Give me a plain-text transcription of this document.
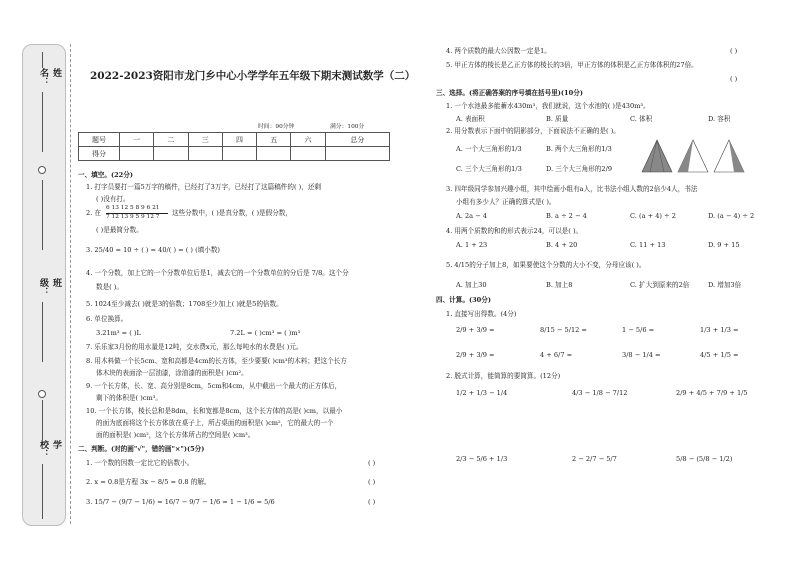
姓名：
班级：
学校：
2022-2023资阳市龙门乡中心小学学年五年级下期末测试数学（二）
时间：90分钟	满分：100分
题号	一	二	三	四	五	六	总分
得分							
一、填空。(22分)
1. 打字员要打一篇5万字的稿件，已经打了3万字，已经打了这篇稿件的( )，还剩
( )没有打。
2. 在
6 13 12 5 8 9 6 21
7 12 13 9 5 9 12 7 这些分数中，( )是真分数，( )是假分数，
( )是最简分数。
3. 25/40 = 10 ÷ ( ) = 40/( ) = ( ) (填小数)
4. 一个分数，加上它的一个分数单位后是1，减去它的一个分数单位的分后是 7/8。这个分
数是( )。
5. 1024至少减去( )就是3的倍数；1708至少加上( )就是5的倍数。
6. 单位换算。
3.21m³ = ( )L	7.2L = ( )cm³ = ( )m³
7. 乐乐家3月份的用水量是12吨，交水费x元，那么每吨水的水费是( )元。
8. 用木料做一个长5cm、宽和高都是4cm的长方体，至少要要( )cm³的木料；把这个长方
体木块的表面涂一层油漆，涂油漆的面积是( )cm²。
9. 一个长方体，长、宽、高分别是8cm，5cm和4cm，从中截出一个最大的正方体后，
剩下的体积是( )cm³。
10. 一个长方体，棱长总和是8dm，长和宽都是8cm，这个长方体的高是( )cm，以最小
的面为底面将这个长方体放在桌子上，所占桌面的面积是( )cm²，它的最大的一个
面的面积是( )cm²，这个长方体所占的空间是( )cm³。
二、判断。(对的画"√"，错的画"×")(5分)
1. 一个数的因数一定比它的倍数小。	( )
2. x = 0.8是方程 3x − 8/5 = 0.8 的解。	( )
3. 15/7 − (9/7 − 1/6) = 16/7 − 9/7 − 1/6 = 1 − 1/6 = 5/6	( )
4. 两个质数的最大公因数一定是1。	( )
5. 甲正方体的棱长是乙正方体的棱长的3倍，甲正方体的体积是乙正方体体积的27倍。
( )
三、选择。(将正确答案的序号填在括号里)(10分)
1. 一个水池最多能蓄水430m³，我们就说，这个水池的( )是430m³。
A. 表面积	B. 质量	C. 体积	D. 容积
2. 用分数表示下面中的阴影部分，下面说法不正确的是( )。
A. 一个大三角形的1/3	B. 两个大三角形的1/3
C. 三个大三角形的1/3	D. 三个大三角形的2/9
3. 四年级同学参加兴趣小组，其中绘画小组有a人，比书法小组人数的2倍少4人，书法
小组有多少人？正确的算式是( )。
A. 2a − 4	B. a ÷ 2 − 4	C. (a + 4) ÷ 2	D. (a − 4) ÷ 2
4. 用两个质数的和的形式表示24，可以是( )。
A. 1 + 23	B. 4 + 20	C. 11 + 13	D. 9 + 15
5. 4/15的分子加上8，如果要使这个分数的大小不变，分母应该( )。
A. 加上30	B. 加上8	C. 扩大到原来的2倍	D. 增加3倍
四、计算。(30分)
1. 直接写出得数。(4分)
2/9 + 3/9 =	8/15 − 5/12 =	1 − 5/6 =	1/3 + 1/3 =
2/9 + 3/9 =	4 + 6/7 =	3/8 − 1/4 =	4/5 + 1/5 =
2. 脱式计算，能简算的要简算。(12分)
1/2 + 1/3 − 1/4	4/3 − 1/8 − 7/12	2/9 + 4/5 + 7/9 + 1/5
2/3 − 5/6 + 1/3	2 − 2/7 − 5/7	5/8 − (5/8 − 1/2)
